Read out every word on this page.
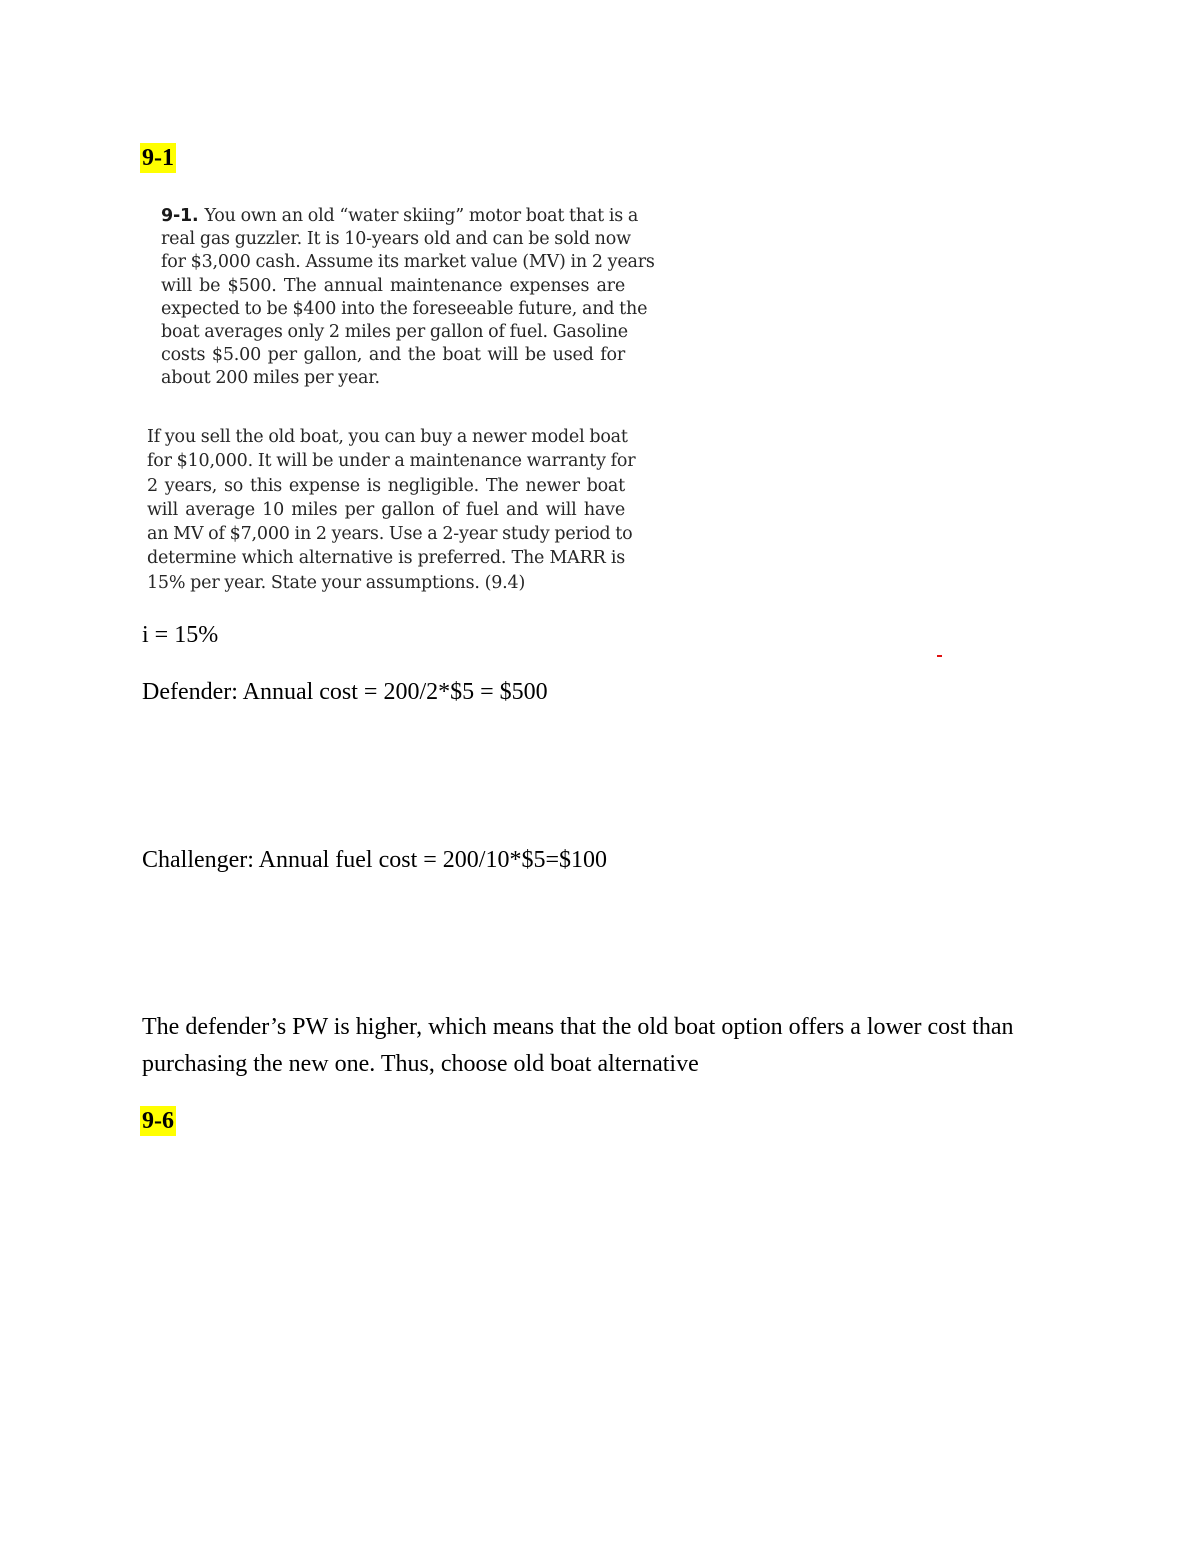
9-1
9-1. You own an old “water skiing” motor boat that is a
real gas guzzler. It is 10-years old and can be sold now
for $3,000 cash. Assume its market value (MV) in 2 years
will be $500. The annual maintenance expenses are
expected to be $400 into the foreseeable future, and the
boat averages only 2 miles per gallon of fuel. Gasoline
costs $5.00 per gallon, and the boat will be used for
about 200 miles per year.
If you sell the old boat, you can buy a newer model boat
for $10,000. It will be under a maintenance warranty for
2 years, so this expense is negligible. The newer boat
will average 10 miles per gallon of fuel and will have
an MV of $7,000 in 2 years. Use a 2-year study period to
determine which alternative is preferred. The MARR is
15% per year. State your assumptions. (9.4)
i = 15%
Defender: Annual cost = 200/2*$5 = $500
Challenger: Annual fuel cost = 200/10*$5=$100
The defender’s PW is higher, which means that the old boat option offers a lower cost than purchasing the new one. Thus, choose old boat alternative
9-6
